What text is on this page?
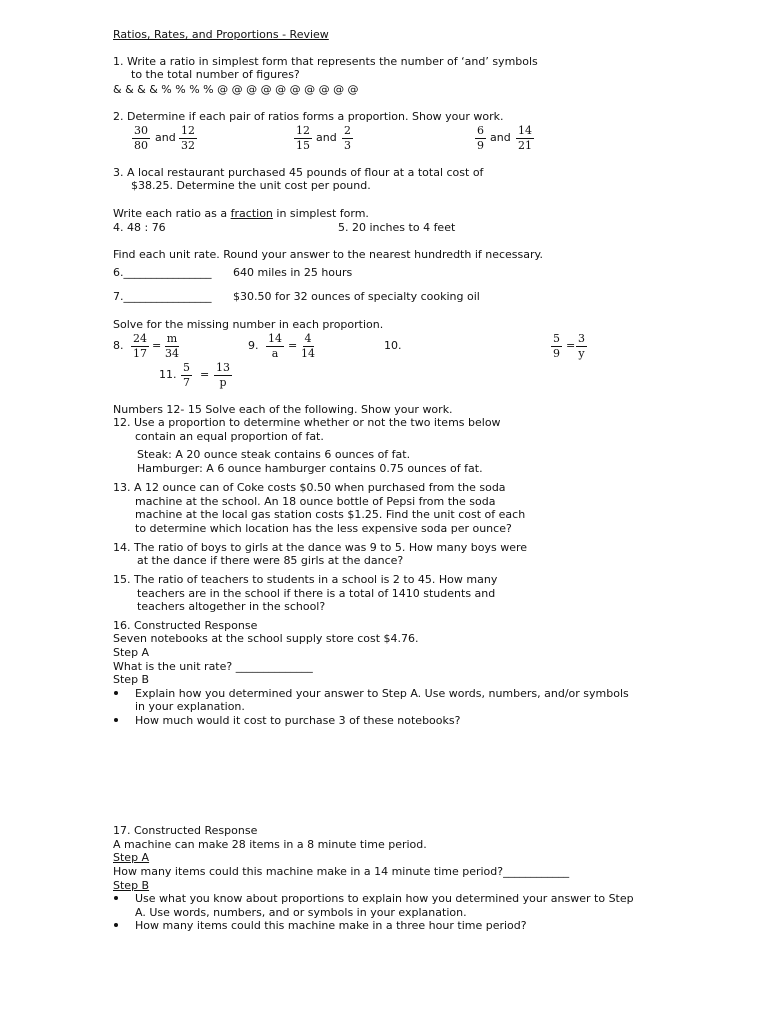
Ratios, Rates, and Proportions - Review
1. Write a ratio in simplest form that represents the number of ‘and’ symbols
to the total number of figures?
& & & & % % % % @ @ @ @ @ @ @ @ @ @
2. Determine if each pair of ratios forms a proportion. Show your work.
$\frac{30}{80}$ and $\frac{12}{32}$	$\frac{12}{15}$ and $\frac{2}{3}$	$\frac{6}{9}$ and $\frac{14}{21}$
3. A local restaurant purchased 45 pounds of flour at a total cost of
$38.25. Determine the unit cost per pound.
Write each ratio as a fraction in simplest form.
4. 48 : 76	5. 20 inches to 4 feet
Find each unit rate. Round your answer to the nearest hundredth if necessary.
6.________________ 640 miles in 25 hours
7.________________ $30.50 for 32 ounces of specialty cooking oil
Solve for the missing number in each proportion.
8. $\frac{24}{17} = \frac{m}{34}$	9. $\frac{14}{a} = \frac{4}{14}$	10.	$\frac{5}{9} = \frac{3}{y}$
11. $\frac{5}{7} = \frac{13}{p}$
Numbers 12- 15 Solve each of the following. Show your work.
12. Use a proportion to determine whether or not the two items below
contain an equal proportion of fat.
Steak: A 20 ounce steak contains 6 ounces of fat.
Hamburger: A 6 ounce hamburger contains 0.75 ounces of fat.
13. A 12 ounce can of Coke costs $0.50 when purchased from the soda
machine at the school. An 18 ounce bottle of Pepsi from the soda
machine at the local gas station costs $1.25. Find the unit cost of each
to determine which location has the less expensive soda per ounce?
14. The ratio of boys to girls at the dance was 9 to 5. How many boys were
at the dance if there were 85 girls at the dance?
15. The ratio of teachers to students in a school is 2 to 45. How many
teachers are in the school if there is a total of 1410 students and
teachers altogether in the school?
16. Constructed Response
Seven notebooks at the school supply store cost $4.76.
Step A
What is the unit rate? ______________
Step B
Explain how you determined your answer to Step A. Use words, numbers, and/or symbols
in your explanation.
How much would it cost to purchase 3 of these notebooks?
17. Constructed Response
A machine can make 28 items in a 8 minute time period.
Step A
How many items could this machine make in a 14 minute time period?____________
Step B
Use what you know about proportions to explain how you determined your answer to Step
A. Use words, numbers, and or symbols in your explanation.
How many items could this machine make in a three hour time period?
